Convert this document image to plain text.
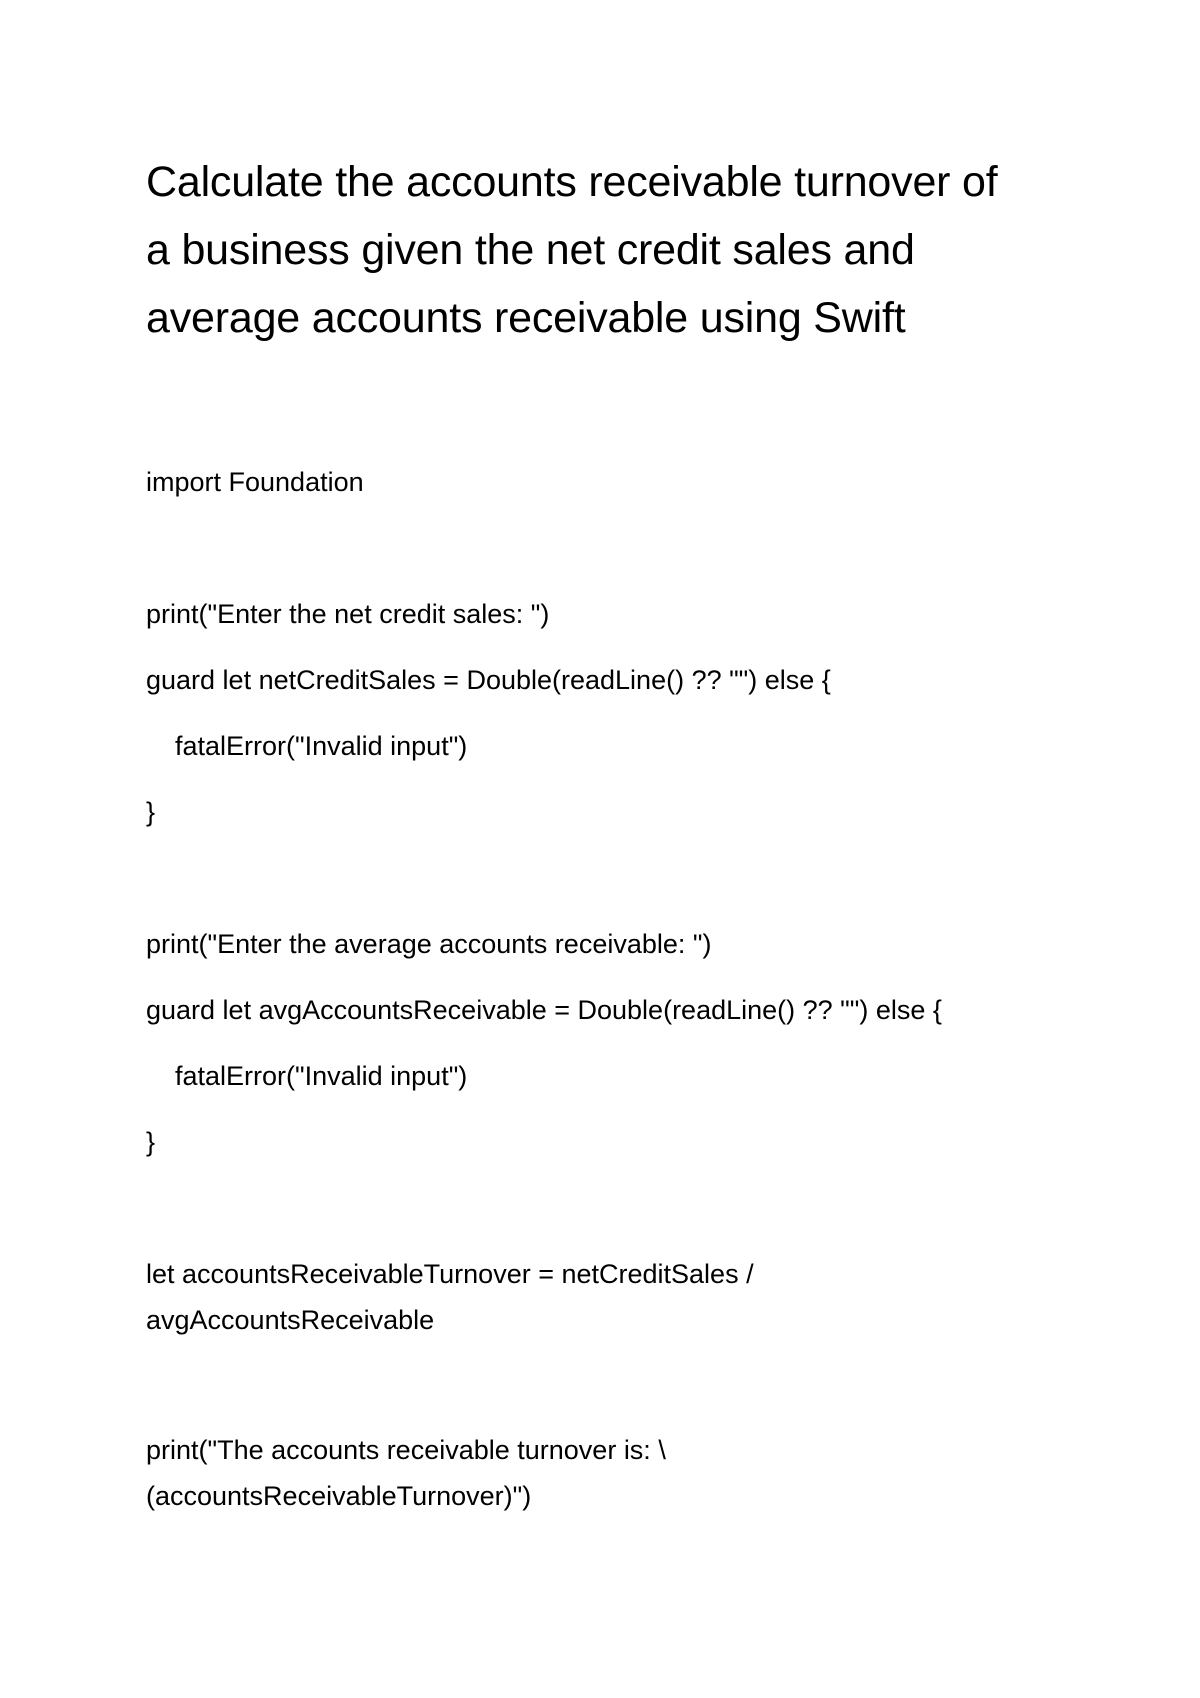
Calculate the accounts receivable turnover of
a business given the net credit sales and
average accounts receivable using Swift

import Foundation

print("Enter the net credit sales: ")

guard let netCreditSales = Double(readLine() ?? "") else {

fatalError("Invalid input")

}

print("Enter the average accounts receivable: ")

guard let avgAccountsReceivable = Double(readLine() ?? "") else {

fatalError("Invalid input")

}

let accountsReceivableTurnover = netCreditSales /

avgAccountsReceivable

print("The accounts receivable turnover is: \

(accountsReceivableTurnover)")
